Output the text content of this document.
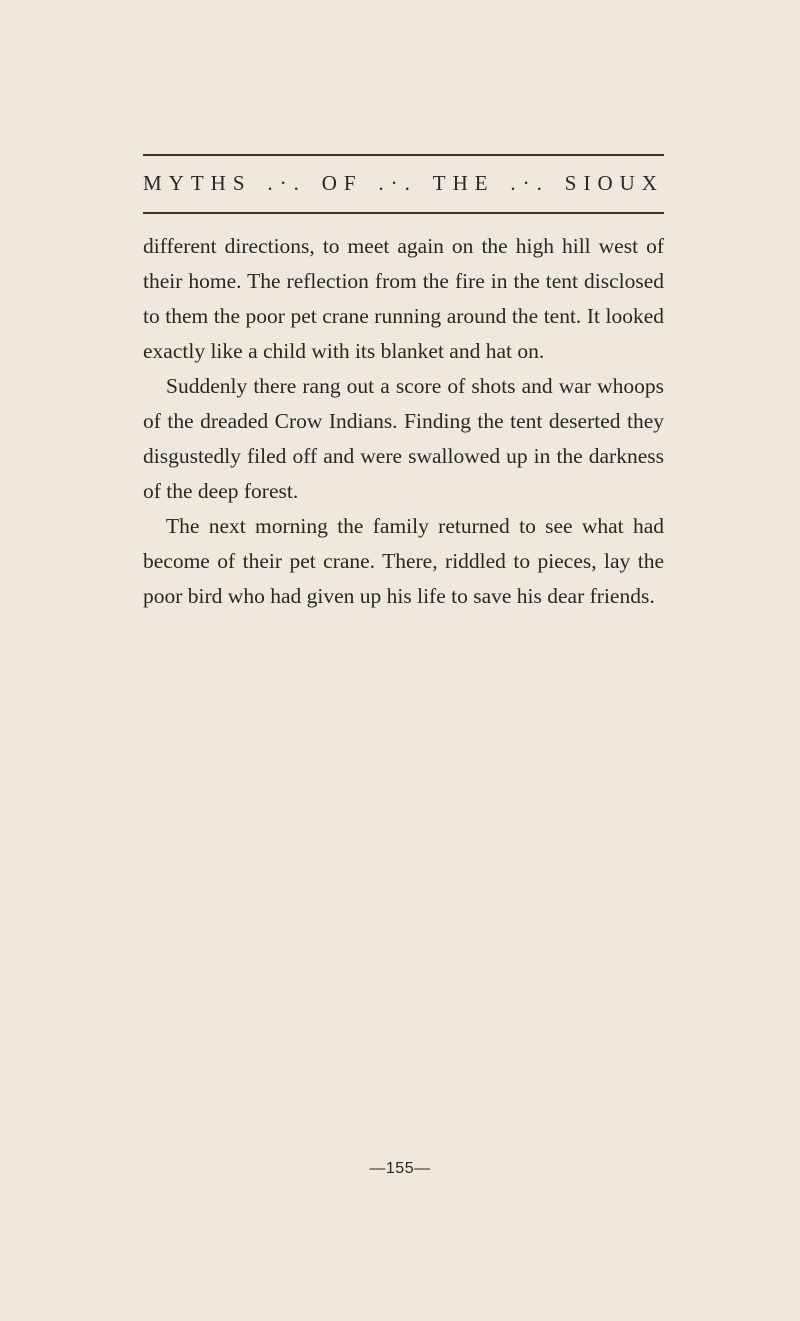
MYTHS .·. OF .·. THE .·. SIOUX

different directions, to meet again on the high hill west of their home. The reflection from the fire in the tent disclosed to them the poor pet crane running around the tent. It looked exactly like a child with its blanket and hat on.

Suddenly there rang out a score of shots and war whoops of the dreaded Crow Indians. Finding the tent deserted they disgustedly filed off and were swallowed up in the darkness of the deep forest.

The next morning the family returned to see what had become of their pet crane. There, riddled to pieces, lay the poor bird who had given up his life to save his dear friends.

—155—
